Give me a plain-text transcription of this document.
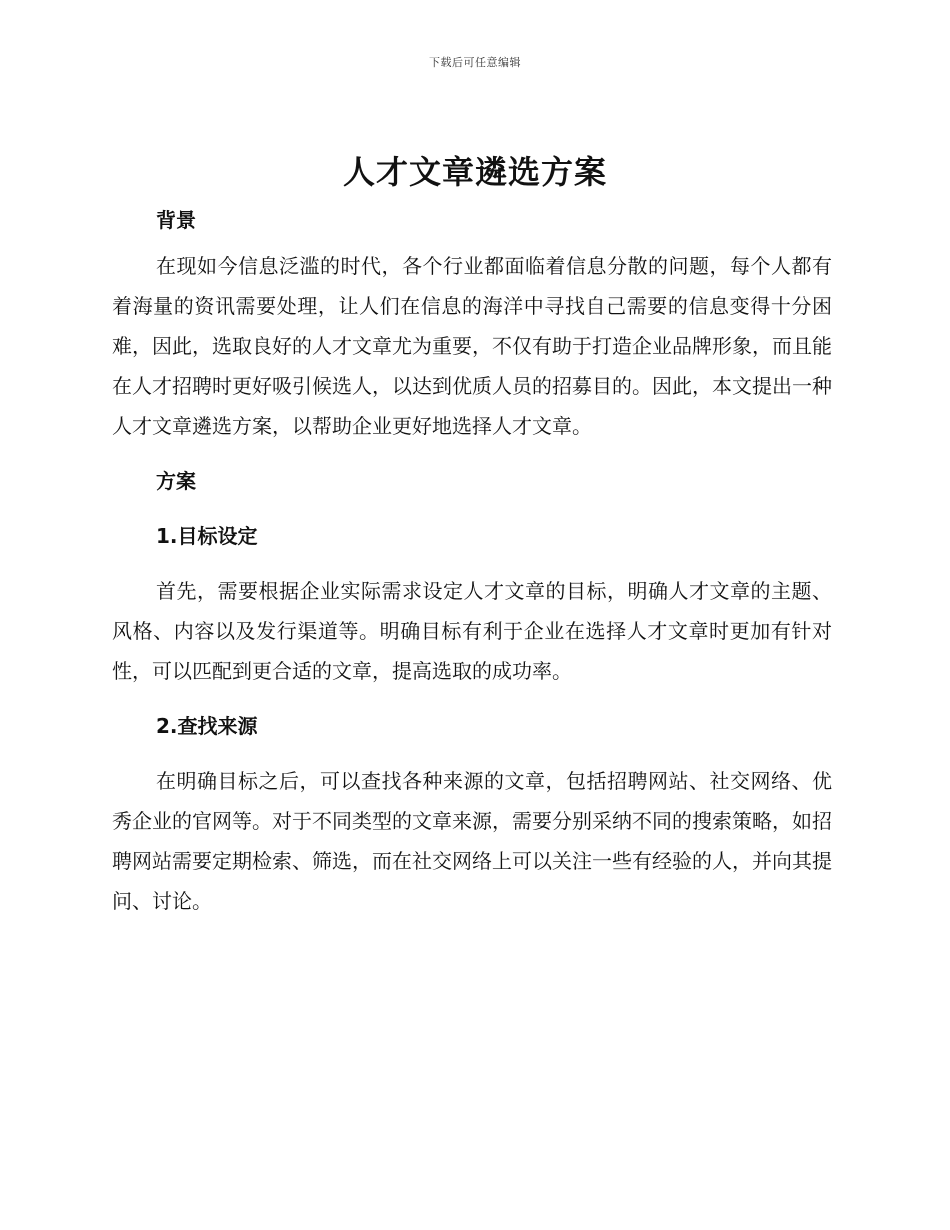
下载后可任意编辑
人才文章遴选方案
背景

在现如今信息泛滥的时代，各个行业都面临着信息分散的问题，每个人都有着海量的资讯需要处理，让人们在信息的海洋中寻找自己需要的信息变得十分困难，因此，选取良好的人才文章尤为重要，不仅有助于打造企业品牌形象，而且能在人才招聘时更好吸引候选人，以达到优质人员的招募目的。因此，本文提出一种人才文章遴选方案，以帮助企业更好地选择人才文章。

方案
1.目标设定

首先，需要根据企业实际需求设定人才文章的目标，明确人才文章的主题、风格、内容以及发行渠道等。明确目标有利于企业在选择人才文章时更加有针对性，可以匹配到更合适的文章，提高选取的成功率。

2.查找来源

在明确目标之后，可以查找各种来源的文章，包括招聘网站、社交网络、优秀企业的官网等。对于不同类型的文章来源，需要分别采纳不同的搜索策略，如招聘网站需要定期检索、筛选，而在社交网络上可以关注一些有经验的人，并向其提问、讨论。
